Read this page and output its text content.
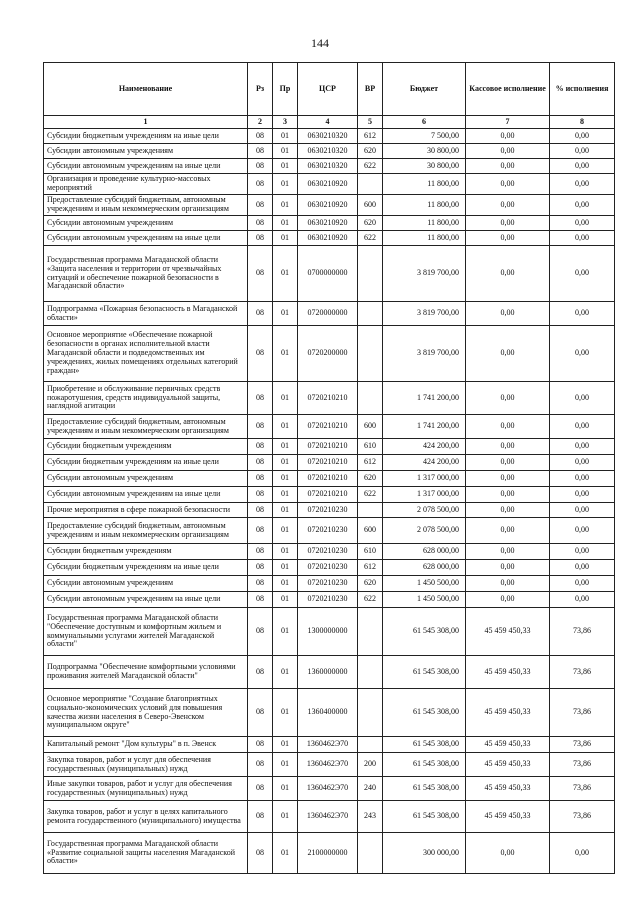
144
Наименование	Рз	Пр	ЦСР	ВР	Бюджет	Кассовое исполнение	% исполнения
1	2	3	4	5	6	7	8
Субсидии бюджетным учреждениям на иные цели	08	01	0630210320	612	7 500,00	0,00	0,00
Субсидии автономным учреждениям	08	01	0630210320	620	30 800,00	0,00	0,00
Субсидии автономным учреждениям на иные цели	08	01	0630210320	622	30 800,00	0,00	0,00
Организация и проведение культурно-массовых мероприятий	08	01	0630210920		11 800,00	0,00	0,00
Предоставление субсидий бюджетным, автономным учреждениям и иным некоммерческим организациям	08	01	0630210920	600	11 800,00	0,00	0,00
Субсидии автономным учреждениям	08	01	0630210920	620	11 800,00	0,00	0,00
Субсидии автономным учреждениям на иные цели	08	01	0630210920	622	11 800,00	0,00	0,00
Государственная программа Магаданской области «Защита населения и территории от чрезвычайных ситуаций и обеспечение пожарной безопасности в Магаданской области»	08	01	0700000000		3 819 700,00	0,00	0,00
Подпрограмма «Пожарная безопасность в Магаданской области»	08	01	0720000000		3 819 700,00	0,00	0,00
Основное мероприятие «Обеспечение пожарной безопасности в органах исполнительной власти Магаданской области и подведомственных им учреждениях, жилых помещениях отдельных категорий граждан»	08	01	0720200000		3 819 700,00	0,00	0,00
Приобретение и обслуживание первичных средств пожаротушения, средств индивидуальной защиты, наглядной агитации	08	01	0720210210		1 741 200,00	0,00	0,00
Предоставление субсидий бюджетным, автономным учреждениям и иным некоммерческим организациям	08	01	0720210210	600	1 741 200,00	0,00	0,00
Субсидии бюджетным учреждениям	08	01	0720210210	610	424 200,00	0,00	0,00
Субсидии бюджетным учреждениям на иные цели	08	01	0720210210	612	424 200,00	0,00	0,00
Субсидии автономным учреждениям	08	01	0720210210	620	1 317 000,00	0,00	0,00
Субсидии автономным учреждениям на иные цели	08	01	0720210210	622	1 317 000,00	0,00	0,00
Прочие мероприятия в сфере пожарной безопасности	08	01	0720210230		2 078 500,00	0,00	0,00
Предоставление субсидий бюджетным, автономным учреждениям и иным некоммерческим организациям	08	01	0720210230	600	2 078 500,00	0,00	0,00
Субсидии бюджетным учреждениям	08	01	0720210230	610	628 000,00	0,00	0,00
Субсидии бюджетным учреждениям на иные цели	08	01	0720210230	612	628 000,00	0,00	0,00
Субсидии автономным учреждениям	08	01	0720210230	620	1 450 500,00	0,00	0,00
Субсидии автономным учреждениям на иные цели	08	01	0720210230	622	1 450 500,00	0,00	0,00
Государственная программа Магаданской области "Обеспечение доступным и комфортным жильем и коммунальными услугами жителей Магаданской области"	08	01	1300000000		61 545 308,00	45 459 450,33	73,86
Подпрограмма "Обеспечение комфортными условиями проживания жителей Магаданской области"	08	01	1360000000		61 545 308,00	45 459 450,33	73,86
Основное мероприятие "Создание благоприятных социально-экономических условий для повышения качества жизни населения в Северо-Эвенском муниципальном округе"	08	01	1360400000		61 545 308,00	45 459 450,33	73,86
Капитальный ремонт "Дом культуры" в п. Эвенск	08	01	1360462Э70		61 545 308,00	45 459 450,33	73,86
Закупка товаров, работ и услуг для обеспечения государственных (муниципальных) нужд	08	01	1360462Э70	200	61 545 308,00	45 459 450,33	73,86
Иные закупки товаров, работ и услуг для обеспечения государственных (муниципальных) нужд	08	01	1360462Э70	240	61 545 308,00	45 459 450,33	73,86
Закупка товаров, работ и услуг в целях капитального ремонта государственного (муниципального) имущества	08	01	1360462Э70	243	61 545 308,00	45 459 450,33	73,86
Государственная программа Магаданской области «Развитие социальной защиты населения Магаданской области»	08	01	2100000000		300 000,00	0,00	0,00
